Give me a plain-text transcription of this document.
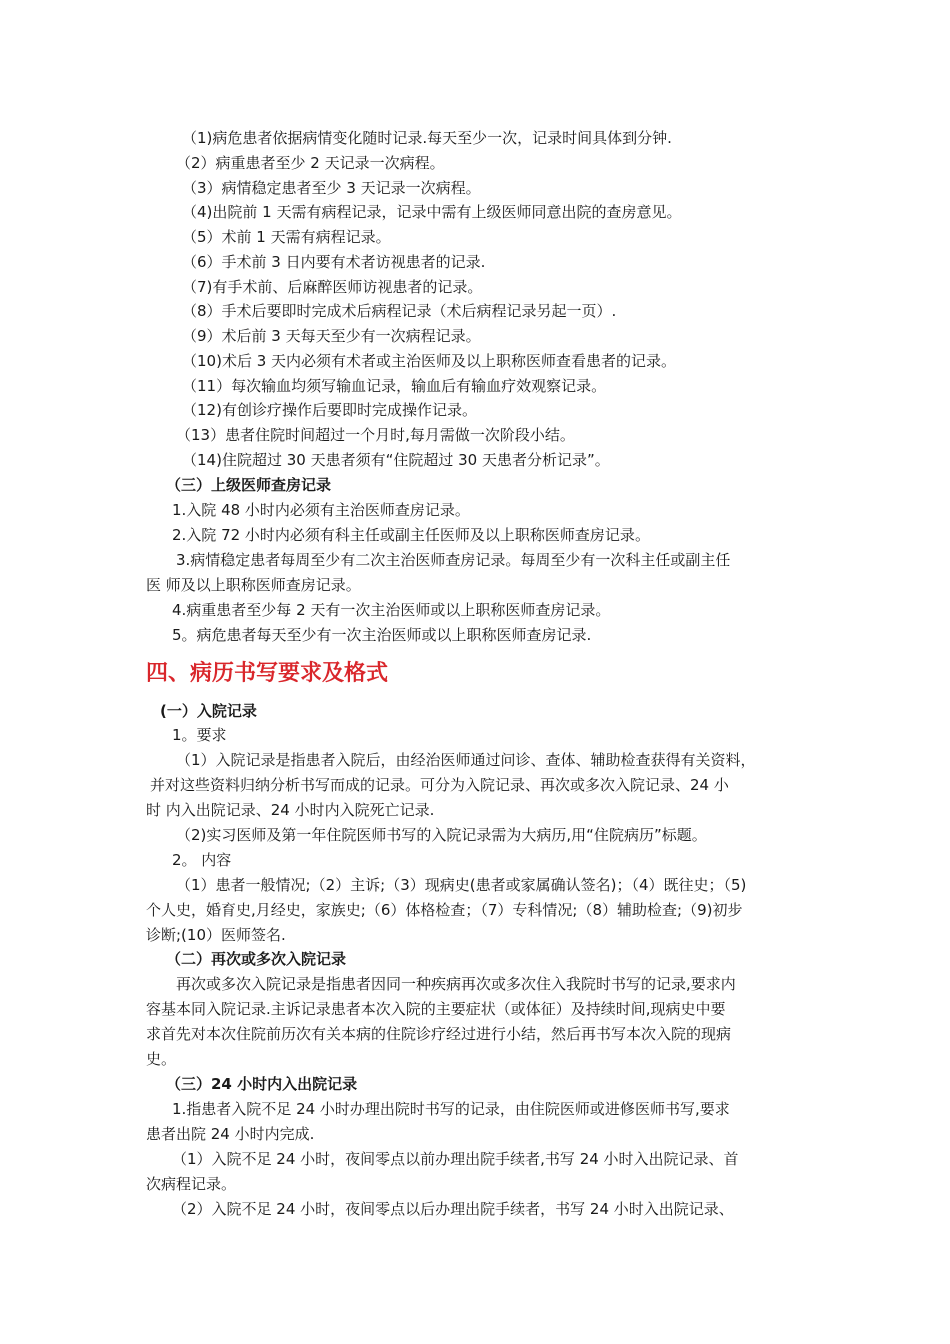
（1)病危患者依据病情变化随时记录.每天至少一次，记录时间具体到分钟.
（2）病重患者至少 2 天记录一次病程。
（3）病情稳定患者至少 3 天记录一次病程。
（4)出院前 1 天需有病程记录，记录中需有上级医师同意出院的查房意见。
（5）术前 1 天需有病程记录。
（6）手术前 3 日内要有术者访视患者的记录.
（7)有手术前、后麻醉医师访视患者的记录。
（8）手术后要即时完成术后病程记录（术后病程记录另起一页）.
（9）术后前 3 天每天至少有一次病程记录。
（10)术后 3 天内必须有术者或主治医师及以上职称医师查看患者的记录。
（11）每次输血均须写输血记录，输血后有输血疗效观察记录。
（12)有创诊疗操作后要即时完成操作记录。
（13）患者住院时间超过一个月时,每月需做一次阶段小结。
（14)住院超过 30 天患者须有“住院超过 30 天患者分析记录”。
（三）上级医师查房记录
1.入院 48 小时内必须有主治医师查房记录。
2.入院 72 小时内必须有科主任或副主任医师及以上职称医师查房记录。
3.病情稳定患者每周至少有二次主治医师查房记录。每周至少有一次科主任或副主任
医 师及以上职称医师查房记录。
4.病重患者至少每 2 天有一次主治医师或以上职称医师查房记录。
5。病危患者每天至少有一次主治医师或以上职称医师查房记录.
四、病历书写要求及格式
(一）入院记录
1。要求
（1）入院记录是指患者入院后，由经治医师通过问诊、查体、辅助检查获得有关资料，
并对这些资料归纳分析书写而成的记录。可分为入院记录、再次或多次入院记录、24 小
时 内入出院记录、24 小时内入院死亡记录.
（2)实习医师及第一年住院医师书写的入院记录需为大病历,用“住院病历”标题。
2。 内容
（1）患者一般情况;（2）主诉;（3）现病史(患者或家属确认签名)；（4）既往史；（5)
个人史，婚育史,月经史，家族史;（6）体格检查；（7）专科情况;（8）辅助检查;（9)初步
诊断;(10）医师签名.
（二）再次或多次入院记录
再次或多次入院记录是指患者因同一种疾病再次或多次住入我院时书写的记录,要求内
容基本同入院记录.主诉记录患者本次入院的主要症状（或体征）及持续时间,现病史中要
求首先对本次住院前历次有关本病的住院诊疗经过进行小结，然后再书写本次入院的现病
史。
（三）24 小时内入出院记录
1.指患者入院不足 24 小时办理出院时书写的记录，由住院医师或进修医师书写,要求
患者出院 24 小时内完成.
（1）入院不足 24 小时，夜间零点以前办理出院手续者,书写 24 小时入出院记录、首
次病程记录。
（2）入院不足 24 小时，夜间零点以后办理出院手续者，书写 24 小时入出院记录、
